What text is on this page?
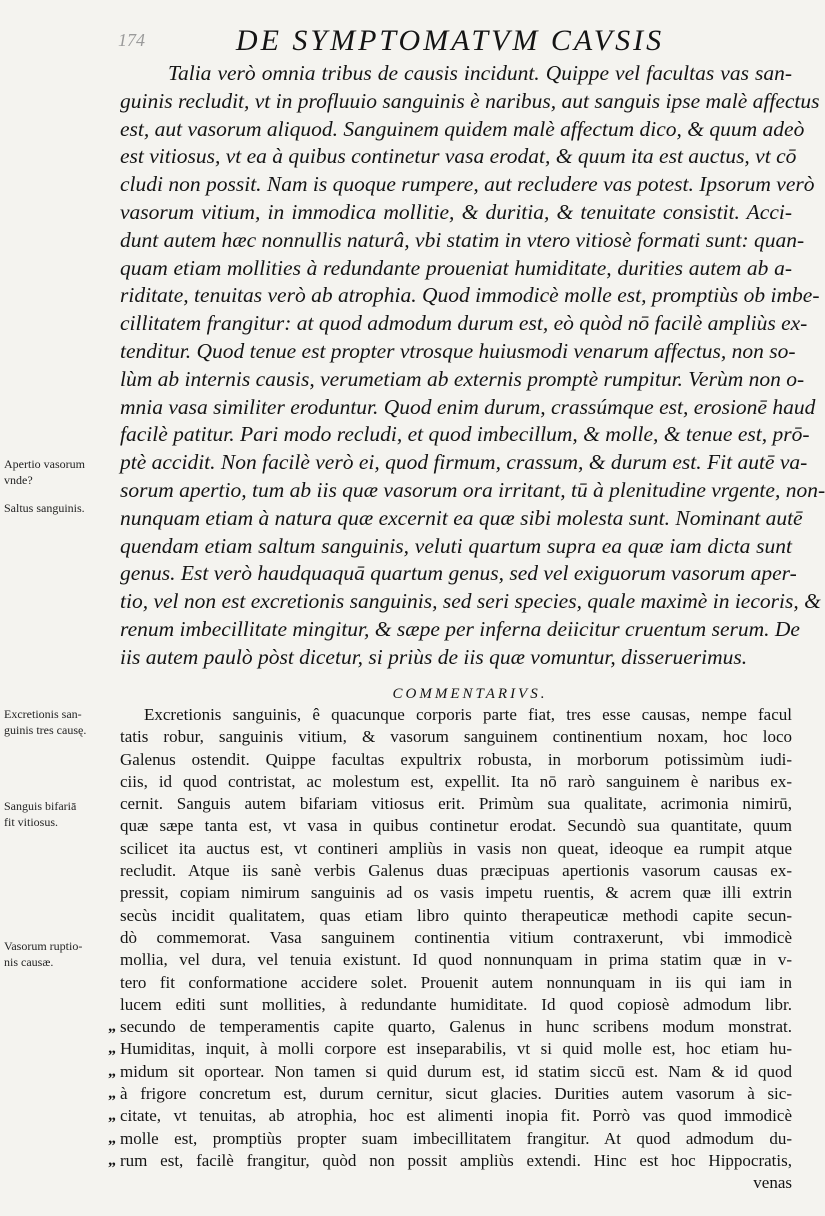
174	DE SYMPTOMATVM CAVSIS
Talia verò omnia tribus de causis incidunt. Quippe vel facultas vas san-
guinis recludit, vt in profluuio sanguinis è naribus, aut sanguis ipse malè affectus
est, aut vasorum aliquod. Sanguinem quidem malè affectum dico, & quum adeò
est vitiosus, vt ea à quibus continetur vasa erodat, & quum ita est auctus, vt cō
cludi non possit. Nam is quoque rumpere, aut recludere vas potest. Ipsorum verò
vasorum vitium, in immodica mollitie, & duritia, & tenuitate consistit. Acci-
dunt autem hæc nonnullis naturâ, vbi statim in vtero vitiosè formati sunt: quan-
quam etiam mollities à redundante proueniat humiditate, durities autem ab a-
riditate, tenuitas verò ab atrophia. Quod immodicè molle est, promptiùs ob imbe-
cillitatem frangitur: at quod admodum durum est, eò quòd nō facilè ampliùs ex-
tenditur. Quod tenue est propter vtrosque huiusmodi venarum affectus, non so-
lùm ab internis causis, verumetiam ab externis promptè rumpitur. Verùm non o-
mnia vasa similiter eroduntur. Quod enim durum, crassúmque est, erosionē haud
facilè patitur. Pari modo recludi, et quod imbecillum, & molle, & tenue est, prō-
ptè accidit. Non facilè verò ei, quod firmum, crassum, & durum est. Fit autē va-
sorum apertio, tum ab iis quæ vasorum ora irritant, tū à plenitudine vrgente, non-
nunquam etiam à natura quæ excernit ea quæ sibi molesta sunt. Nominant autē
quendam etiam saltum sanguinis, veluti quartum supra ea quæ iam dicta sunt
genus. Est verò haudquaquā quartum genus, sed vel exiguorum vasorum aper-
tio, vel non est excretionis sanguinis, sed seri species, quale maximè in iecoris, &
renum imbecillitate mingitur, & sæpe per inferna deiicitur cruentum serum. De
iis autem paulò pòst dicetur, si priùs de iis quæ vomuntur, disseruerimus.
COMMENTARIVS.
Excretionis sanguinis, ê quacunque corporis parte fiat, tres esse causas, nempe facul
tatis robur, sanguinis vitium, & vasorum sanguinem continentium noxam, hoc loco
Galenus ostendit. Quippe facultas expultrix robusta, in morborum potissimùm iudi-
ciis, id quod contristat, ac molestum est, expellit. Ita nō rarò sanguinem è naribus ex-
cernit. Sanguis autem bifariam vitiosus erit. Primùm sua qualitate, acrimonia nimirū,
quæ sæpe tanta est, vt vasa in quibus continetur erodat. Secundò sua quantitate, quum
scilicet ita auctus est, vt contineri ampliùs in vasis non queat, ideoque ea rumpit atque
recludit. Atque iis sanè verbis Galenus duas præcipuas apertionis vasorum causas ex-
pressit, copiam nimirum sanguinis ad os vasis impetu ruentis, & acrem quæ illi extrin
secùs incidit qualitatem, quas etiam libro quinto therapeuticæ methodi capite secun-
dò commemorat. Vasa sanguinem continentia vitium contraxerunt, vbi immodicè
mollia, vel dura, vel tenuia existunt. Id quod nonnunquam in prima statim quæ in v-
tero fit conformatione accidere solet. Prouenit autem nonnunquam in iis qui iam in
lucem editi sunt mollities, à redundante humiditate. Id quod copiosè admodum libr.
„ secundo de temperamentis capite quarto, Galenus in hunc scribens modum monstrat.
„ Humiditas, inquit, à molli corpore est inseparabilis, vt si quid molle est, hoc etiam hu-
„ midum sit oportear. Non tamen si quid durum est, id statim siccū est. Nam & id quod
„ à frigore concretum est, durum cernitur, sicut glacies. Durities autem vasorum à sic-
„ citate, vt tenuitas, ab atrophia, hoc est alimenti inopia fit. Porrò vas quod immodicè
„ molle est, promptiùs propter suam imbecillitatem frangitur. At quod admodum du-
„ rum est, facilè frangitur, quòd non possit ampliùs extendi. Hinc est hoc Hippocratis,
venas
Apertio vasorum
vnde?
Saltus sanguinis.
Excretionis san-
guinis tres causę.
Sanguis bifariā
fit vitiosus.
Vasorum ruptio-
nis causæ.
